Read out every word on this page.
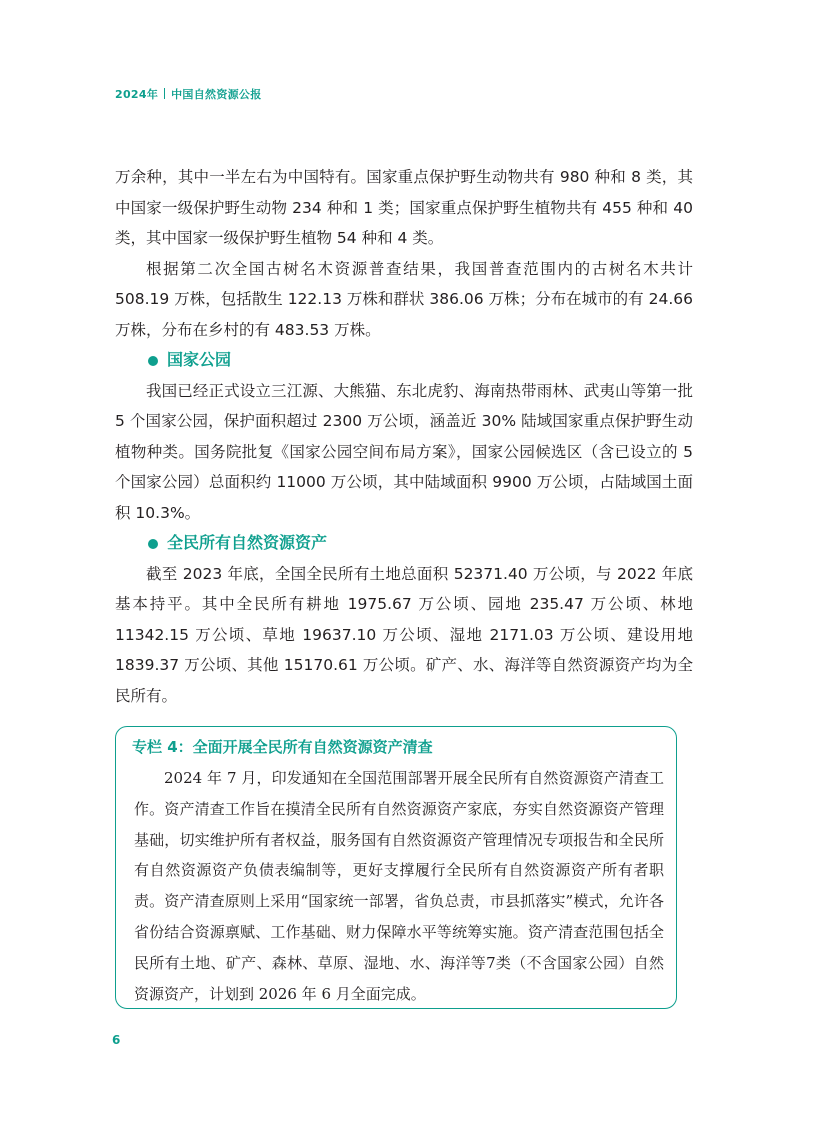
2024年 中国自然资源公报

万余种，其中一半左右为中国特有。国家重点保护野生动物共有 980 种和 8 类，其中国家一级保护野生动物 234 种和 1 类；国家重点保护野生植物共有 455 种和 40 类，其中国家一级保护野生植物 54 种和 4 类。

根据第二次全国古树名木资源普查结果，我国普查范围内的古树名木共计 508.19 万株，包括散生 122.13 万株和群状 386.06 万株；分布在城市的有 24.66 万株，分布在乡村的有 483.53 万株。

国家公园

我国已经正式设立三江源、大熊猫、东北虎豹、海南热带雨林、武夷山等第一批 5 个国家公园，保护面积超过 2300 万公顷，涵盖近 30% 陆域国家重点保护野生动植物种类。国务院批复《国家公园空间布局方案》，国家公园候选区（含已设立的 5 个国家公园）总面积约 11000 万公顷，其中陆域面积 9900 万公顷，占陆域国土面积 10.3%。

全民所有自然资源资产

截至 2023 年底，全国全民所有土地总面积 52371.40 万公顷，与 2022 年底基本持平。其中全民所有耕地 1975.67 万公顷、园地 235.47 万公顷、林地 11342.15 万公顷、草地 19637.10 万公顷、湿地 2171.03 万公顷、建设用地 1839.37 万公顷、其他 15170.61 万公顷。矿产、水、海洋等自然资源资产均为全民所有。

专栏 4：全面开展全民所有自然资源资产清查

2024 年 7 月，印发通知在全国范围部署开展全民所有自然资源资产清查工作。资产清查工作旨在摸清全民所有自然资源资产家底，夯实自然资源资产管理基础，切实维护所有者权益，服务国有自然资源资产管理情况专项报告和全民所有自然资源资产负债表编制等，更好支撑履行全民所有自然资源资产所有者职责。资产清查原则上采用“国家统一部署，省负总责，市县抓落实”模式，允许各省份结合资源禀赋、工作基础、财力保障水平等统筹实施。资产清查范围包括全民所有土地、矿产、森林、草原、湿地、水、海洋等7类（不含国家公园）自然资源资产，计划到 2026 年 6 月全面完成。

6
